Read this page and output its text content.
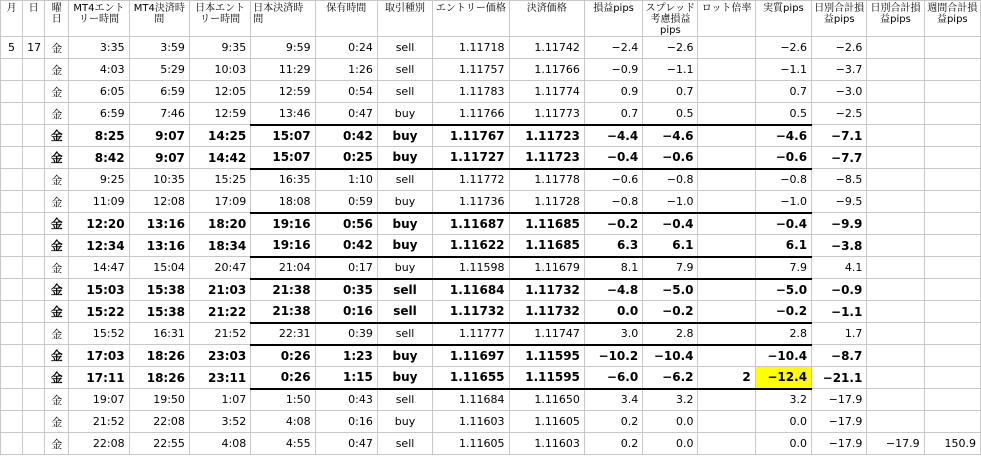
月	日	曜日	MT4エントリー時間	MT4決済時間	日本エントリー時間	日本決済時間	保有時間	取引種別	エントリー価格	決済価格	損益pips	スプレッド考慮損益pips	ロット倍率	実質pips	日別合計損益pips	日別合計損益pips	週間合計損益pips
5	17	金	3:35	3:59	9:35	9:59	0:24	sell	1.11718	1.11742	−2.4	−2.6		−2.6	−2.6		
		金	4:03	5:29	10:03	11:29	1:26	sell	1.11757	1.11766	−0.9	−1.1		−1.1	−3.7		
		金	6:05	6:59	12:05	12:59	0:54	sell	1.11783	1.11774	0.9	0.7		0.7	−3.0		
		金	6:59	7:46	12:59	13:46	0:47	buy	1.11766	1.11773	0.7	0.5		0.5	−2.5		
		金	8:25	9:07	14:25	15:07	0:42	buy	1.11767	1.11723	−4.4	−4.6		−4.6	−7.1		
		金	8:42	9:07	14:42	15:07	0:25	buy	1.11727	1.11723	−0.4	−0.6		−0.6	−7.7		
		金	9:25	10:35	15:25	16:35	1:10	sell	1.11772	1.11778	−0.6	−0.8		−0.8	−8.5		
		金	11:09	12:08	17:09	18:08	0:59	buy	1.11736	1.11728	−0.8	−1.0		−1.0	−9.5		
		金	12:20	13:16	18:20	19:16	0:56	buy	1.11687	1.11685	−0.2	−0.4		−0.4	−9.9		
		金	12:34	13:16	18:34	19:16	0:42	buy	1.11622	1.11685	6.3	6.1		6.1	−3.8		
		金	14:47	15:04	20:47	21:04	0:17	buy	1.11598	1.11679	8.1	7.9		7.9	4.1		
		金	15:03	15:38	21:03	21:38	0:35	sell	1.11684	1.11732	−4.8	−5.0		−5.0	−0.9		
		金	15:22	15:38	21:22	21:38	0:16	sell	1.11732	1.11732	0.0	−0.2		−0.2	−1.1		
		金	15:52	16:31	21:52	22:31	0:39	sell	1.11777	1.11747	3.0	2.8		2.8	1.7		
		金	17:03	18:26	23:03	0:26	1:23	buy	1.11697	1.11595	−10.2	−10.4		−10.4	−8.7		
		金	17:11	18:26	23:11	0:26	1:15	buy	1.11655	1.11595	−6.0	−6.2	2	−12.4	−21.1		
		金	19:07	19:50	1:07	1:50	0:43	sell	1.11684	1.11650	3.4	3.2		3.2	−17.9		
		金	21:52	22:08	3:52	4:08	0:16	buy	1.11603	1.11605	0.2	0.0		0.0	−17.9		
		金	22:08	22:55	4:08	4:55	0:47	sell	1.11605	1.11603	0.2	0.0		0.0	−17.9	−17.9	150.9
